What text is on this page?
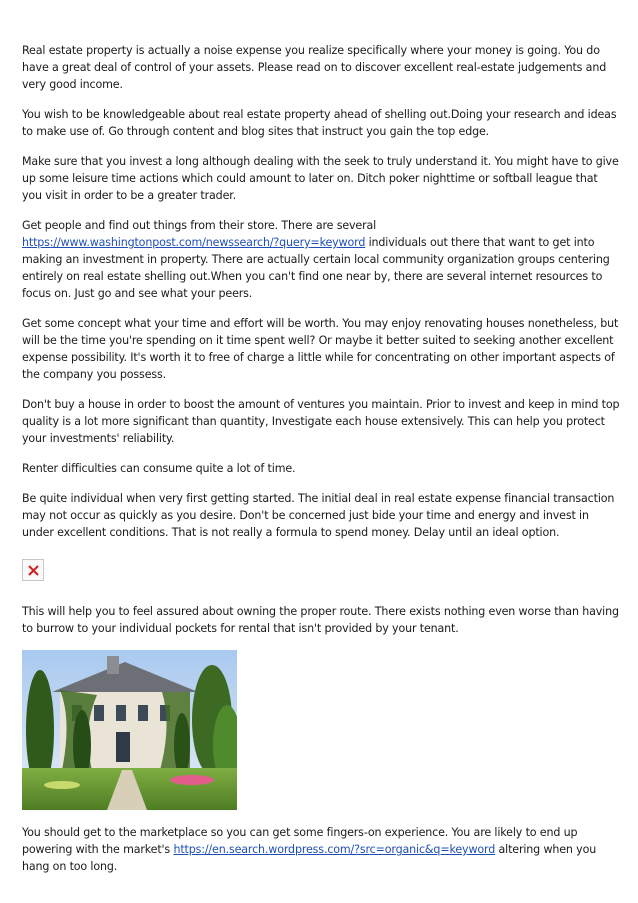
Real estate property is actually a noise expense you realize specifically where your money is going. You do have a great deal of control of your assets. Please read on to discover excellent real-estate judgements and very good income.

You wish to be knowledgeable about real estate property ahead of shelling out.Doing your research and ideas to make use of. Go through content and blog sites that instruct you gain the top edge.

Make sure that you invest a long although dealing with the seek to truly understand it. You might have to give up some leisure time actions which could amount to later on. Ditch poker nighttime or softball league that you visit in order to be a greater trader.

Get people and find out things from their store. There are several https://www.washingtonpost.com/newssearch/?query=keyword individuals out there that want to get into making an investment in property. There are actually certain local community organization groups centering entirely on real estate shelling out.When you can't find one near by, there are several internet resources to focus on. Just go and see what your peers.

Get some concept what your time and effort will be worth. You may enjoy renovating houses nonetheless, but will be the time you're spending on it time spent well? Or maybe it better suited to seeking another excellent expense possibility. It's worth it to free of charge a little while for concentrating on other important aspects of the company you possess.

Don't buy a house in order to boost the amount of ventures you maintain. Prior to invest and keep in mind top quality is a lot more significant than quantity, Investigate each house extensively. This can help you protect your investments' reliability.

Renter difficulties can consume quite a lot of time.

Be quite individual when very first getting started. The initial deal in real estate expense financial transaction may not occur as quickly as you desire. Don't be concerned just bide your time and energy and invest in under excellent conditions. That is not really a formula to spend money. Delay until an ideal option.

This will help you to feel assured about owning the proper route. There exists nothing even worse than having to burrow to your individual pockets for rental that isn't provided by your tenant.

You should get to the marketplace so you can get some fingers-on experience. You are likely to end up powering with the market's https://en.search.wordpress.com/?src=organic&q=keyword altering when you hang on too long.
